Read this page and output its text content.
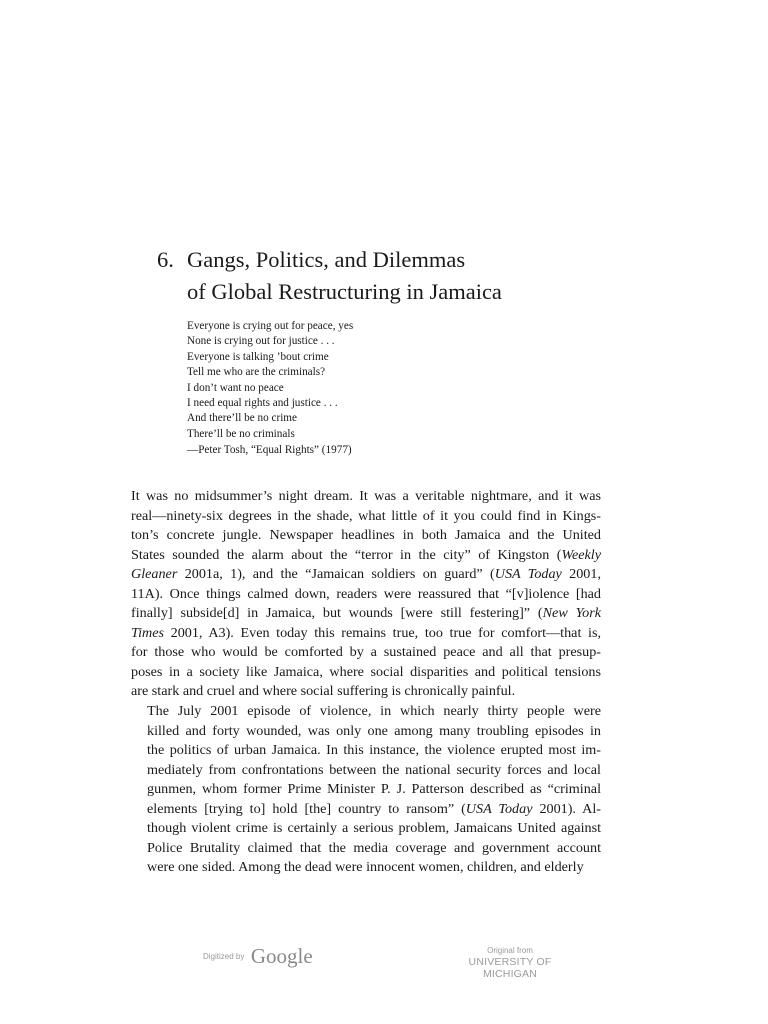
6. Gangs, Politics, and Dilemmas
of Global Restructuring in Jamaica
Everyone is crying out for peace, yes
None is crying out for justice . . .
Everyone is talking ’bout crime
Tell me who are the criminals?
I don’t want no peace
I need equal rights and justice . . .
And there’ll be no crime
There’ll be no criminals
—Peter Tosh, “Equal Rights” (1977)

It was no midsummer’s night dream. It was a veritable nightmare, and it was
real—ninety-six degrees in the shade, what little of it you could find in Kings-
ton’s concrete jungle. Newspaper headlines in both Jamaica and the United
States sounded the alarm about the “terror in the city” of Kingston (Weekly
Gleaner 2001a, 1), and the “Jamaican soldiers on guard” (USA Today 2001,
11A). Once things calmed down, readers were reassured that “[v]iolence [had
finally] subside[d] in Jamaica, but wounds [were still festering]” (New York
Times 2001, A3). Even today this remains true, too true for comfort—that is,
for those who would be comforted by a sustained peace and all that presup-
poses in a society like Jamaica, where social disparities and political tensions
are stark and cruel and where social suffering is chronically painful.

The July 2001 episode of violence, in which nearly thirty people were
killed and forty wounded, was only one among many troubling episodes in
the politics of urban Jamaica. In this instance, the violence erupted most im-
mediately from confrontations between the national security forces and local
gunmen, whom former Prime Minister P. J. Patterson described as “criminal
elements [trying to] hold [the] country to ransom” (USA Today 2001). Al-
though violent crime is certainly a serious problem, Jamaicans United against
Police Brutality claimed that the media coverage and government account
were one sided. Among the dead were innocent women, children, and elderly

Digitized by Google	Original from
UNIVERSITY OF MICHIGAN
